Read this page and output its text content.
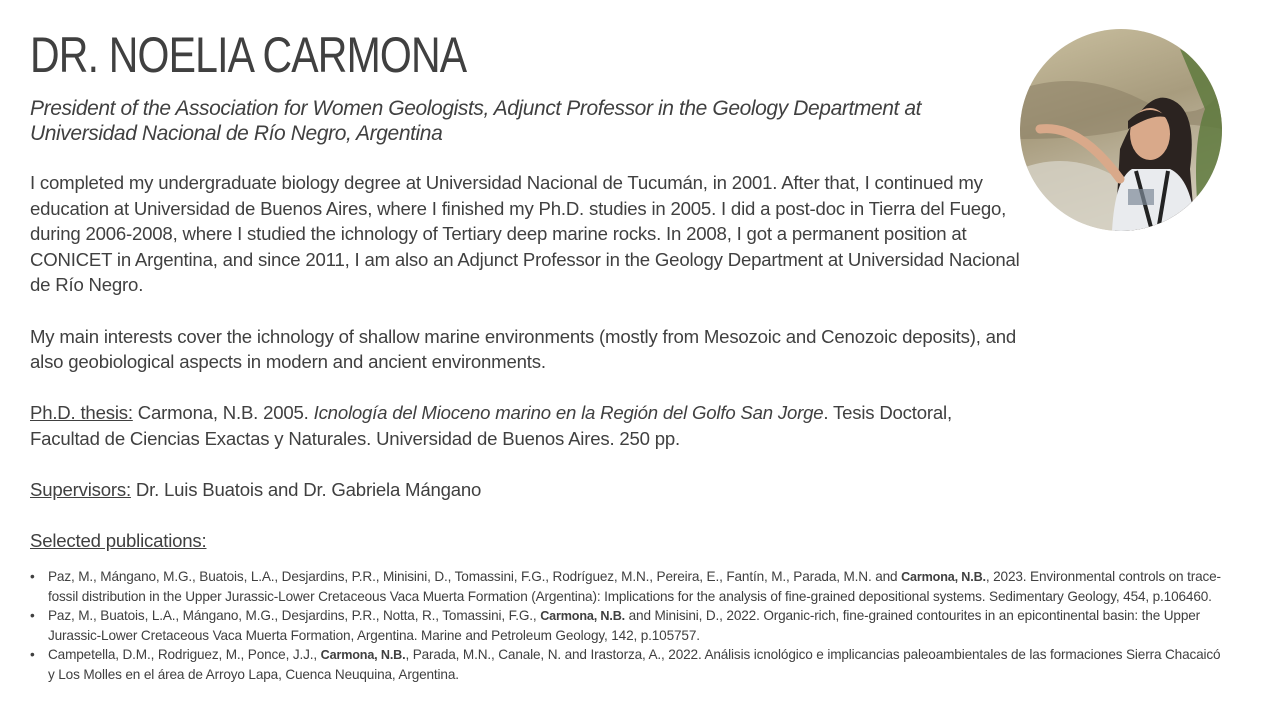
DR. NOELIA CARMONA
President of the Association for Women Geologists, Adjunct Professor in the Geology Department at Universidad Nacional de Río Negro, Argentina

I completed my undergraduate biology degree at Universidad Nacional de Tucumán, in 2001. After that, I continued my education at Universidad de Buenos Aires, where I finished my Ph.D. studies in 2005. I did a post-doc in Tierra del Fuego, during 2006-2008, where I studied the ichnology of Tertiary deep marine rocks. In 2008, I got a permanent position at CONICET in Argentina, and since 2011, I am also an Adjunct Professor in the Geology Department at Universidad Nacional de Río Negro.

My main interests cover the ichnology of shallow marine environments (mostly from Mesozoic and Cenozoic deposits), and also geobiological aspects in modern and ancient environments.

Ph.D. thesis: Carmona, N.B. 2005. Icnología del Mioceno marino en la Región del Golfo San Jorge. Tesis Doctoral, Facultad de Ciencias Exactas y Naturales. Universidad de Buenos Aires. 250 pp.

Supervisors: Dr. Luis Buatois and Dr. Gabriela Mángano

Selected publications:

• Paz, M., Mángano, M.G., Buatois, L.A., Desjardins, P.R., Minisini, D., Tomassini, F.G., Rodríguez, M.N., Pereira, E., Fantín, M., Parada, M.N. and Carmona, N.B., 2023. Environmental controls on trace-fossil distribution in the Upper Jurassic-Lower Cretaceous Vaca Muerta Formation (Argentina): Implications for the analysis of fine-grained depositional systems. Sedimentary Geology, 454, p.106460.
• Paz, M., Buatois, L.A., Mángano, M.G., Desjardins, P.R., Notta, R., Tomassini, F.G., Carmona, N.B. and Minisini, D., 2022. Organic-rich, fine-grained contourites in an epicontinental basin: the Upper Jurassic-Lower Cretaceous Vaca Muerta Formation, Argentina. Marine and Petroleum Geology, 142, p.105757.
• Campetella, D.M., Rodriguez, M., Ponce, J.J., Carmona, N.B., Parada, M.N., Canale, N. and Irastorza, A., 2022. Análisis icnológico e implicancias paleoambientales de las formaciones Sierra Chacaicó y Los Molles en el área de Arroyo Lapa, Cuenca Neuquina, Argentina.
